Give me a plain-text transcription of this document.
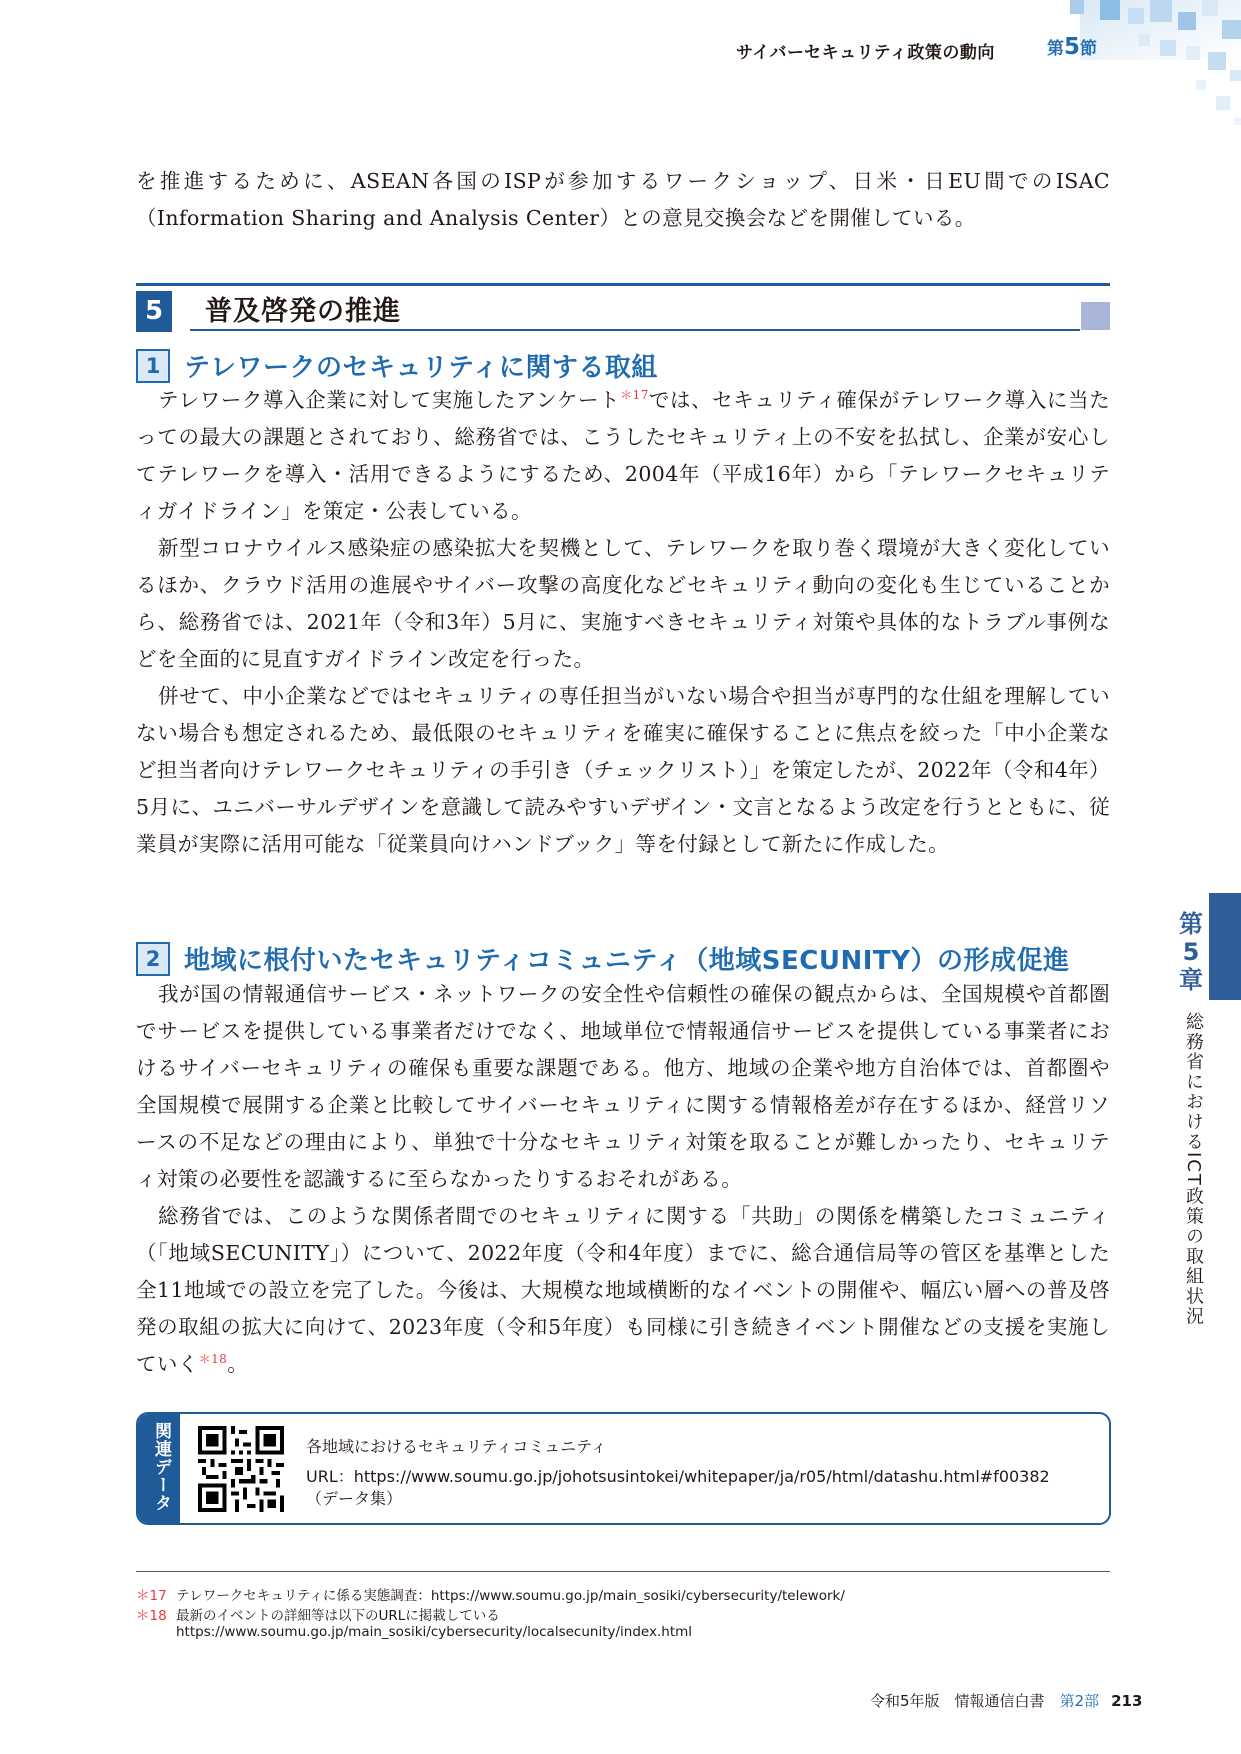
サイバーセキュリティ政策の動向	第5節

を推進するために、ASEAN各国のISPが参加するワークショップ、日米・日EU間でのISAC（Information Sharing and Analysis Center）との意見交換会などを開催している。

5	普及啓発の推進
1 テレワークのセキュリティに関する取組

テレワーク導入企業に対して実施したアンケート$^{*17}$では、セキュリティ確保がテレワーク導入に当たっての最大の課題とされており、総務省では、こうしたセキュリティ上の不安を払拭し、企業が安心してテレワークを導入・活用できるようにするため、2004年（平成16年）から「テレワークセキュリティガイドライン」を策定・公表している。

新型コロナウイルス感染症の感染拡大を契機として、テレワークを取り巻く環境が大きく変化しているほか、クラウド活用の進展やサイバー攻撃の高度化などセキュリティ動向の変化も生じていることから、総務省では、2021年（令和3年）5月に、実施すべきセキュリティ対策や具体的なトラブル事例などを全面的に見直すガイドライン改定を行った。

併せて、中小企業などではセキュリティの専任担当がいない場合や担当が専門的な仕組を理解していない場合も想定されるため、最低限のセキュリティを確実に確保することに焦点を絞った「中小企業など担当者向けテレワークセキュリティの手引き（チェックリスト）」を策定したが、2022年（令和4年）5月に、ユニバーサルデザインを意識して読みやすいデザイン・文言となるよう改定を行うとともに、従業員が実際に活用可能な「従業員向けハンドブック」等を付録として新たに作成した。

2 地域に根付いたセキュリティコミュニティ（地域SECUNITY）の形成促進

我が国の情報通信サービス・ネットワークの安全性や信頼性の確保の観点からは、全国規模や首都圏でサービスを提供している事業者だけでなく、地域単位で情報通信サービスを提供している事業者におけるサイバーセキュリティの確保も重要な課題である。他方、地域の企業や地方自治体では、首都圏や全国規模で展開する企業と比較してサイバーセキュリティに関する情報格差が存在するほか、経営リソースの不足などの理由により、単独で十分なセキュリティ対策を取ることが難しかったり、セキュリティ対策の必要性を認識するに至らなかったりするおそれがある。

総務省では、このような関係者間でのセキュリティに関する「共助」の関係を構築したコミュニティ（「地域SECUNITY」）について、2022年度（令和4年度）までに、総合通信局等の管区を基準とした全11地域での設立を完了した。今後は、大規模な地域横断的なイベントの開催や、幅広い層への普及啓発の取組の拡大に向けて、2023年度（令和5年度）も同様に引き続きイベント開催などの支援を実施していく$^{*18}$。

第
5
章
総務省におけるICT政策の取組状況
関連データ	各地域におけるセキュリティコミュニティ
URL：https://www.soumu.go.jp/johotsusintokei/whitepaper/ja/r05/html/datashu.html#f00382
（データ集）
＊17 テレワークセキュリティに係る実態調査：https://www.soumu.go.jp/main_sosiki/cybersecurity/telework/
＊18 最新のイベントの詳細等は以下のURLに掲載している
https://www.soumu.go.jp/main_sosiki/cybersecurity/localsecunity/index.html
令和5年版　情報通信白書　 第2部 213
